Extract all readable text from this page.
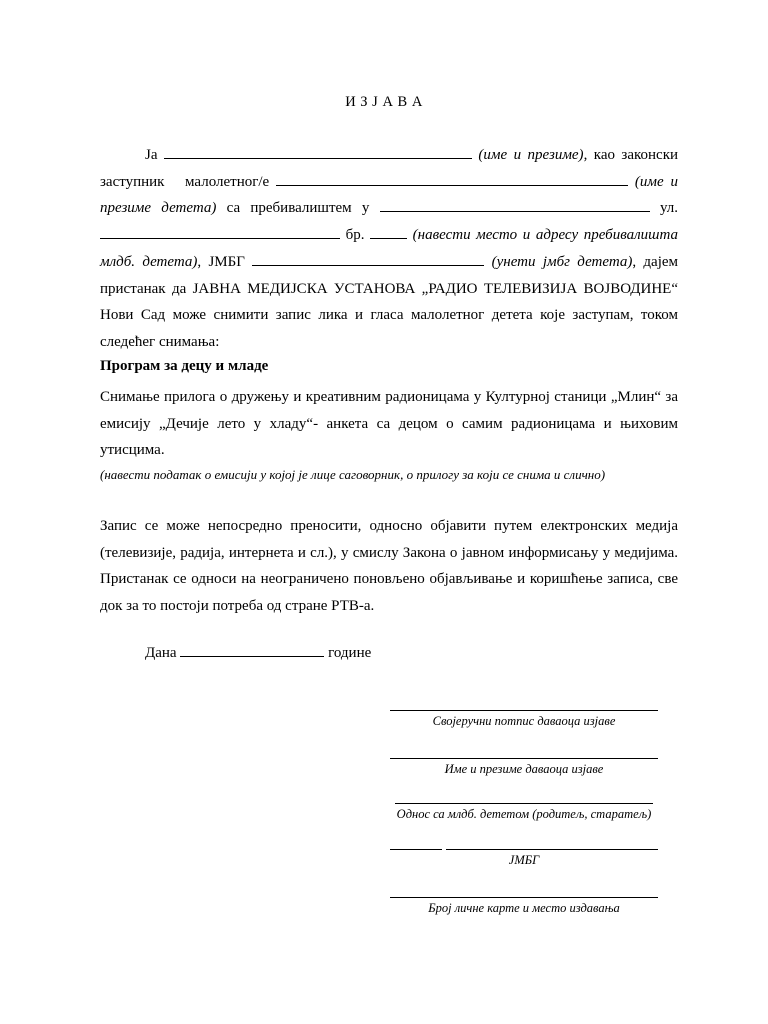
И З Ј А В А
Ја	(име и презиме), као законски
заступник   малолетног/е	(име и
презиме детета) са пребивалиштем у	ул.
бр.	(навести место и адресу пребивалишта
млдб. детета), ЈМБГ	(унети јмбг детета), дајем
пристанак да ЈАВНА МЕДИЈСКА УСТАНОВА „РАДИО ТЕЛЕВИЗИЈА ВОЈВОДИНЕ“
Нови Сад може снимити запис лика и гласа малолетног детета које заступам, током
следећег снимања:
Програм за децу и младе
Снимање прилога о дружењу и креативним радионицама у Културној станици „Млин“ за емисију „Дечије лето у хладу“- анкета са децом о самим радионицама и њиховим утисцима.
(навести податак о емисији у којој је лице саговорник, о прилогу за који се снима и слично)
Запис се може непосредно преносити, односно објавити путем електронских медија (телевизије, радија, интернета и сл.), у смислу Закона о јавном информисању у медијима. Пристанак се односи на неограничено поновљено објављивање и коришћење записа, све док за то постоји потреба од стране РТВ-а.
Дана	године
Својеручни потпис даваоца изјаве
Име и презиме даваоца изјаве
Однос са млдб. дететом (родитељ, старатељ)
ЈМБГ
Број личне карте и место издавања
